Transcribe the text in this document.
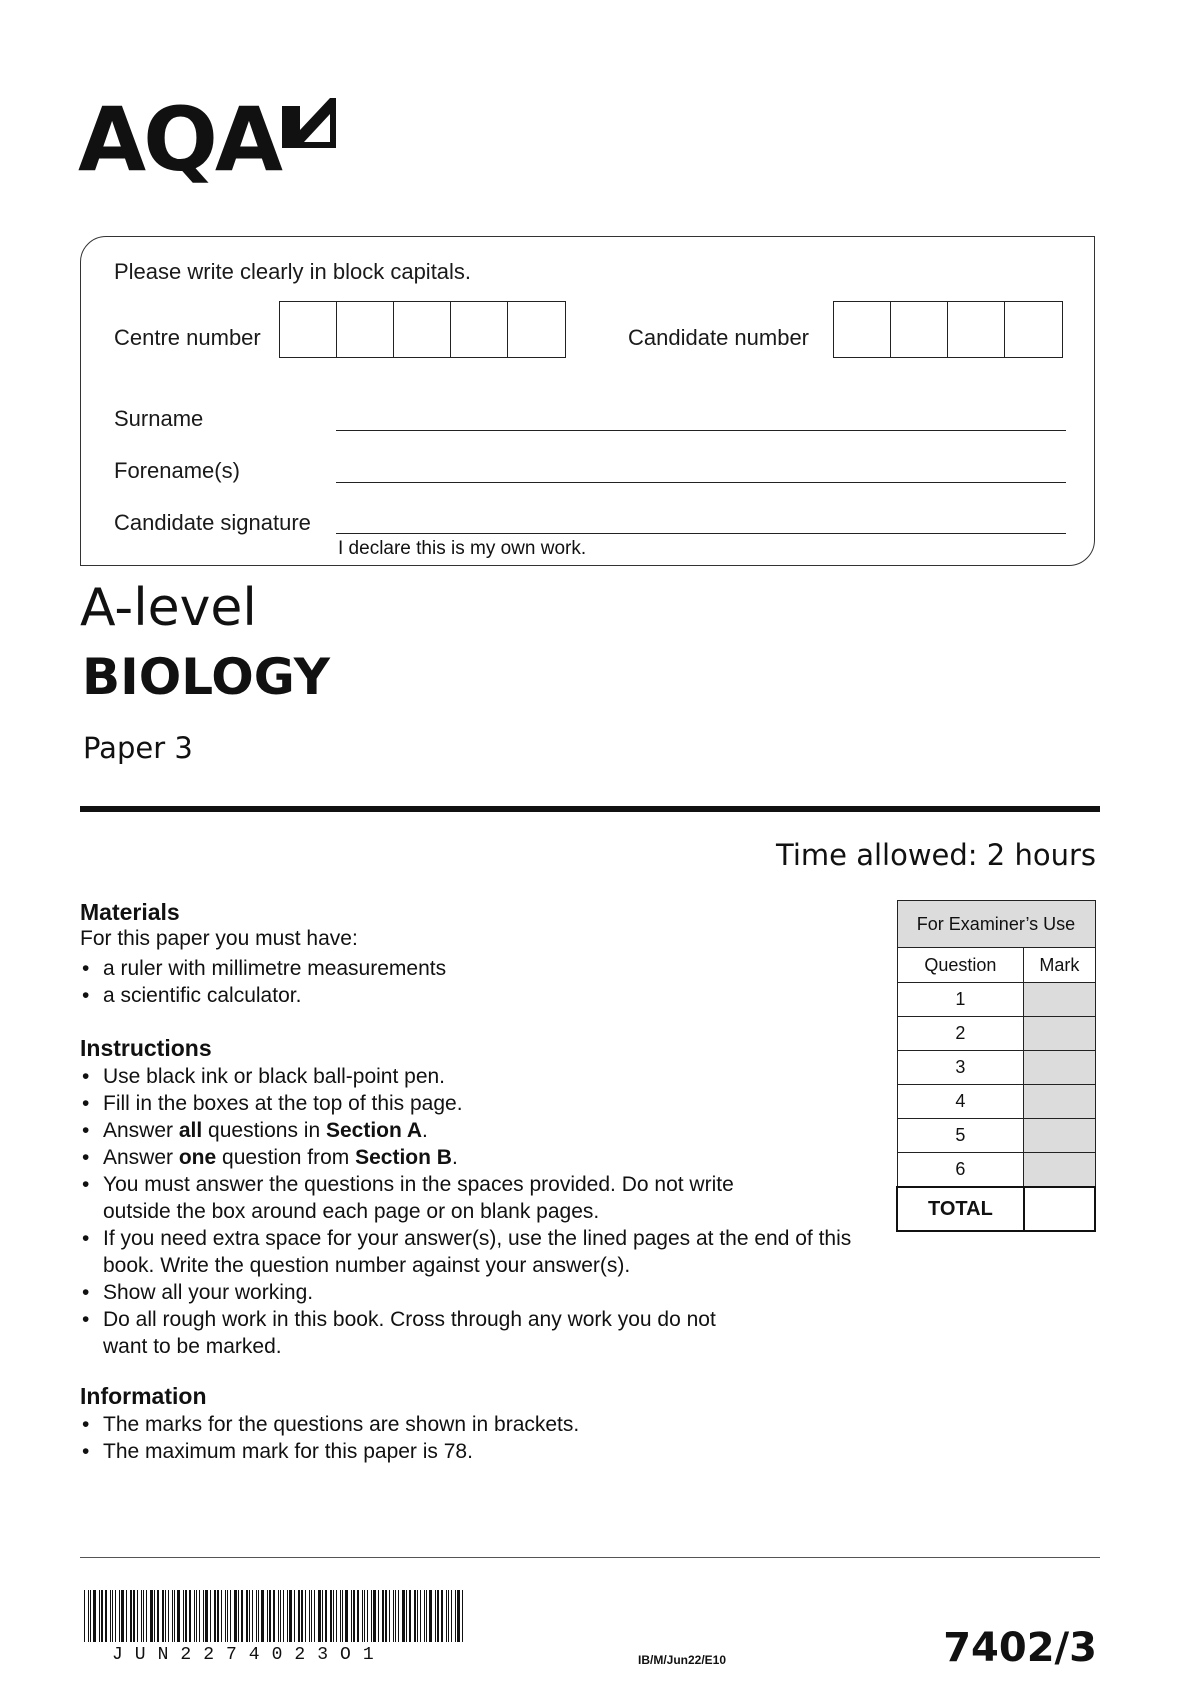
AQA
Please write clearly in block capitals.
Centre number	Candidate number
Surname
Forename(s)
Candidate signature
I declare this is my own work.
A-level
BIOLOGY
Paper 3
Time allowed: 2 hours
Materials
For this paper you must have:
• a ruler with millimetre measurements
• a scientific calculator.
Instructions
• Use black ink or black ball-point pen.
• Fill in the boxes at the top of this page.
• Answer all questions in Section A.
• Answer one question from Section B.
• You must answer the questions in the spaces provided. Do not write outside the box around each page or on blank pages.
• If you need extra space for your answer(s), use the lined pages at the end of this book. Write the question number against your answer(s).
• Show all your working.
• Do all rough work in this book. Cross through any work you do not want to be marked.
Information
• The marks for the questions are shown in brackets.
• The maximum mark for this paper is 78.
For Examiner’s Use	
Question	Mark
1	
2	
3	
4	
5	
6	
TOTAL	
JUN2274023O1	IB/M/Jun22/E10	7402/3
